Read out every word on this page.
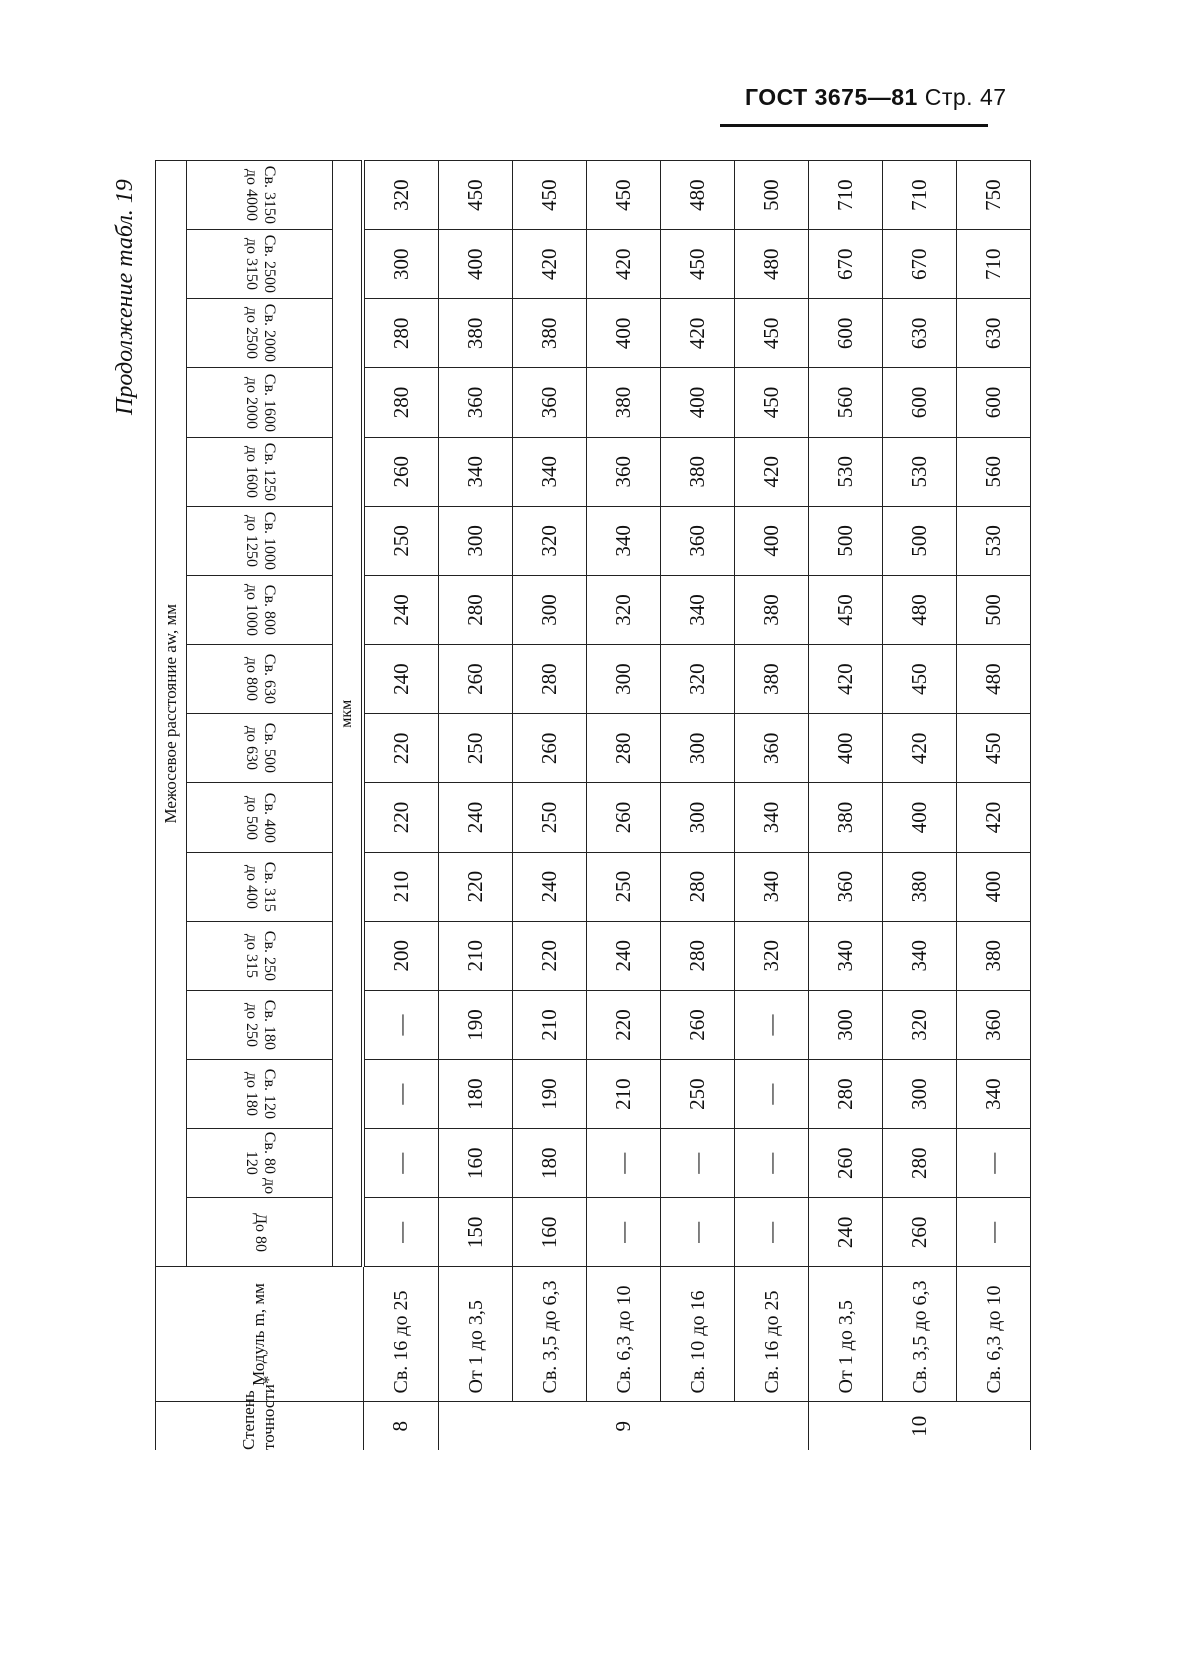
ГОСТ 3675—81 Стр. 47
Продолжение табл. 19
Степень точности*	Модуль m, мм	Межосевое расстояние aw, мм															
		До 80	Св. 80 до 120	Св. 120 до 180	Св. 180 до 250	Св. 250 до 315	Св. 315 до 400	Св. 400 до 500	Св. 500 до 630	Св. 630 до 800	Св. 800 до 1000	Св. 1000 до 1250	Св. 1250 до 1600	Св. 1600 до 2000	Св. 2000 до 2500	Св. 2500 до 3150	Св. 3150 до 4000
		мкм															
8	Св. 16 до 25	—	—	—	—	200	210	220	220	240	240	250	260	280	280	300	320
9	От 1 до 3,5	150	160	180	190	210	220	240	250	260	280	300	340	360	380	400	450
	Св. 3,5 до 6,3	160	180	190	210	220	240	250	260	280	300	320	340	360	380	420	450
	Св. 6,3 до 10	—	—	210	220	240	250	260	280	300	320	340	360	380	400	420	450
	Св. 10 до 16	—	—	250	260	280	280	300	300	320	340	360	380	400	420	450	480
	Св. 16 до 25	—	—	—	—	320	340	340	360	380	380	400	420	450	450	480	500
10	От 1 до 3,5	240	260	280	300	340	360	380	400	420	450	500	530	560	600	670	710
	Св. 3,5 до 6,3	260	280	300	320	340	380	400	420	450	480	500	530	600	630	670	710
	Св. 6,3 до 10	—	—	340	360	380	400	420	450	480	500	530	560	600	630	710	750
